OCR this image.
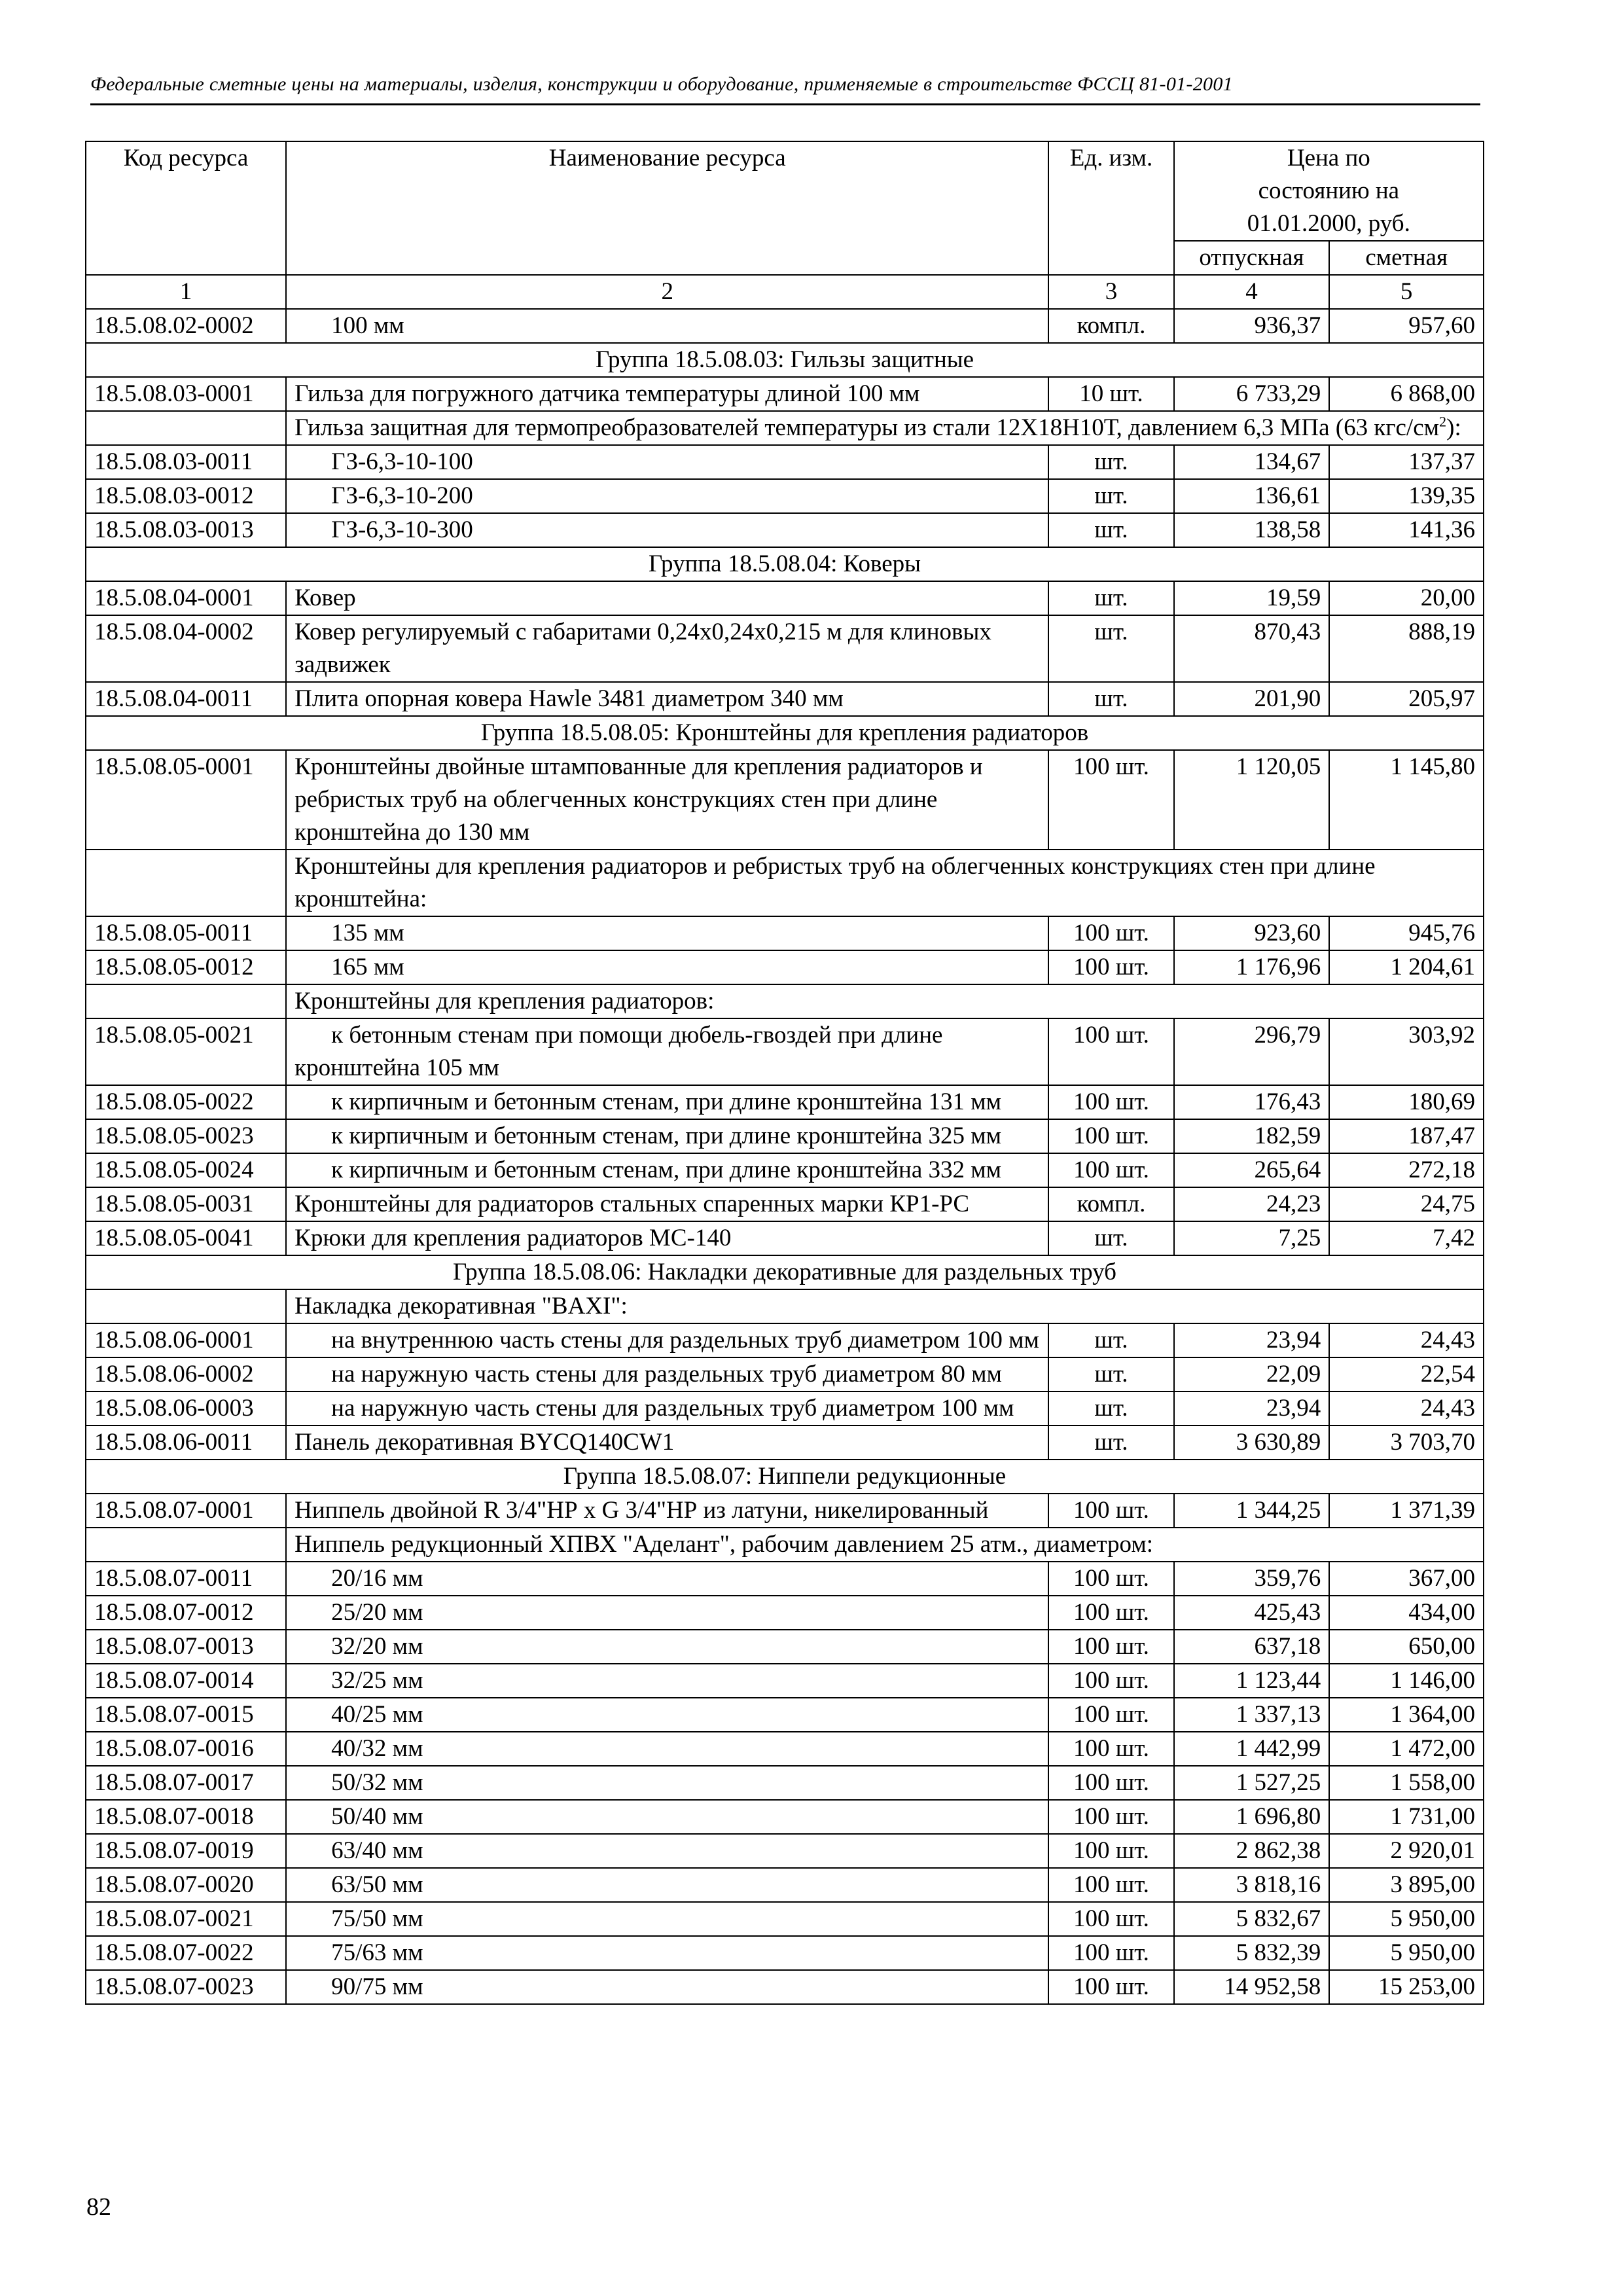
Федеральные сметные цены на материалы, изделия, конструкции и оборудование, применяемые в строительстве ФССЦ 81-01-2001
Код ресурса	Наименование ресурса	Ед. изм.	Цена по состоянию на 01.01.2000, руб.	
			отпускная	сметная
1	2	3	4	5
18.5.08.02-0002	100 мм	компл.	936,37	957,60
Группа 18.5.08.03: Гильзы защитные				
18.5.08.03-0001	Гильза для погружного датчика температуры длиной 100 мм	10 шт.	6 733,29	6 868,00
	Гильза защитная для термопреобразователей температуры из стали 12Х18Н10Т, давлением 6,3 МПа (63 кгс/$см^2$):			
18.5.08.03-0011	ГЗ-6,3-10-100	шт.	134,67	137,37
18.5.08.03-0012	ГЗ-6,3-10-200	шт.	136,61	139,35
18.5.08.03-0013	ГЗ-6,3-10-300	шт.	138,58	141,36
Группа 18.5.08.04: Коверы				
18.5.08.04-0001	Ковер	шт.	19,59	20,00
18.5.08.04-0002	Ковер регулируемый с габаритами 0,24х0,24х0,215 м для клиновых задвижек	шт.	870,43	888,19
18.5.08.04-0011	Плита опорная ковера Hawle 3481 диаметром 340 мм	шт.	201,90	205,97
Группа 18.5.08.05: Кронштейны для крепления радиаторов				
18.5.08.05-0001	Кронштейны двойные штампованные для крепления радиаторов и ребристых труб на облегченных конструкциях стен при длине кронштейна до 130 мм	100 шт.	1 120,05	1 145,80
	Кронштейны для крепления радиаторов и ребристых труб на облегченных конструкциях стен при длине кронштейна:			
18.5.08.05-0011	135 мм	100 шт.	923,60	945,76
18.5.08.05-0012	165 мм	100 шт.	1 176,96	1 204,61
	Кронштейны для крепления радиаторов:			
18.5.08.05-0021	к бетонным стенам при помощи дюбель-гвоздей при длине кронштейна 105 мм	100 шт.	296,79	303,92
18.5.08.05-0022	к кирпичным и бетонным стенам, при длине кронштейна 131 мм	100 шт.	176,43	180,69
18.5.08.05-0023	к кирпичным и бетонным стенам, при длине кронштейна 325 мм	100 шт.	182,59	187,47
18.5.08.05-0024	к кирпичным и бетонным стенам, при длине кронштейна 332 мм	100 шт.	265,64	272,18
18.5.08.05-0031	Кронштейны для радиаторов стальных спаренных марки КР1-РС	компл.	24,23	24,75
18.5.08.05-0041	Крюки для крепления радиаторов МС-140	шт.	7,25	7,42
Группа 18.5.08.06: Накладки декоративные для раздельных труб				
	Накладка декоративная "BAXI":			
18.5.08.06-0001	на внутреннюю часть стены для раздельных труб диаметром 100 мм	шт.	23,94	24,43
18.5.08.06-0002	на наружную часть стены для раздельных труб диаметром 80 мм	шт.	22,09	22,54
18.5.08.06-0003	на наружную часть стены для раздельных труб диаметром 100 мм	шт.	23,94	24,43
18.5.08.06-0011	Панель декоративная BYCQ140CW1	шт.	3 630,89	3 703,70
Группа 18.5.08.07: Ниппели редукционные				
18.5.08.07-0001	Ниппель двойной R 3/4"НР х G 3/4"НР из латуни, никелированный	100 шт.	1 344,25	1 371,39
	Ниппель редукционный ХПВХ "Аделант", рабочим давлением 25 атм., диаметром:			
18.5.08.07-0011	20/16 мм	100 шт.	359,76	367,00
18.5.08.07-0012	25/20 мм	100 шт.	425,43	434,00
18.5.08.07-0013	32/20 мм	100 шт.	637,18	650,00
18.5.08.07-0014	32/25 мм	100 шт.	1 123,44	1 146,00
18.5.08.07-0015	40/25 мм	100 шт.	1 337,13	1 364,00
18.5.08.07-0016	40/32 мм	100 шт.	1 442,99	1 472,00
18.5.08.07-0017	50/32 мм	100 шт.	1 527,25	1 558,00
18.5.08.07-0018	50/40 мм	100 шт.	1 696,80	1 731,00
18.5.08.07-0019	63/40 мм	100 шт.	2 862,38	2 920,01
18.5.08.07-0020	63/50 мм	100 шт.	3 818,16	3 895,00
18.5.08.07-0021	75/50 мм	100 шт.	5 832,67	5 950,00
18.5.08.07-0022	75/63 мм	100 шт.	5 832,39	5 950,00
18.5.08.07-0023	90/75 мм	100 шт.	14 952,58	15 253,00
82
